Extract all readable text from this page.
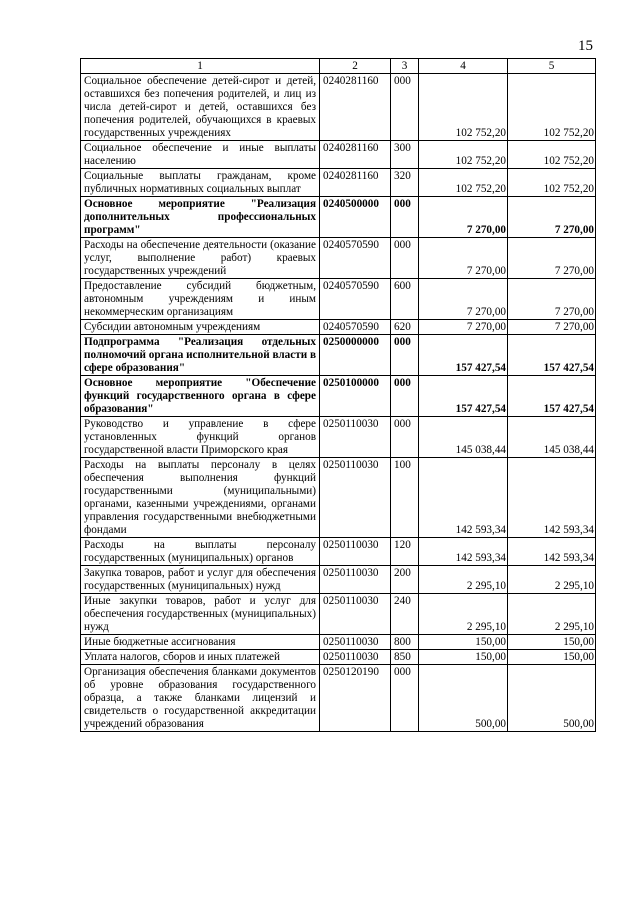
15
1	2	3	4	5
Социальное обеспечение детей-сирот и детей, оставшихся без попечения родителей, и лиц из числа детей-сирот и детей, оставшихся без попечения родителей, обучающихся в краевых государственных учреждениях	0240281160	000	102 752,20	102 752,20
Социальное обеспечение и иные выплаты населению	0240281160	300	102 752,20	102 752,20
Социальные выплаты гражданам, кроме публичных нормативных социальных выплат	0240281160	320	102 752,20	102 752,20
Основное мероприятие "Реализация дополнительных профессиональных программ"	0240500000	000	7 270,00	7 270,00
Расходы на обеспечение деятельности (оказание услуг, выполнение работ) краевых государственных учреждений	0240570590	000	7 270,00	7 270,00
Предоставление субсидий бюджетным, автономным учреждениям и иным некоммерческим организациям	0240570590	600	7 270,00	7 270,00
Субсидии автономным учреждениям	0240570590	620	7 270,00	7 270,00
Подпрограмма "Реализация отдельных полномочий органа исполнительной власти в сфере образования"	0250000000	000	157 427,54	157 427,54
Основное мероприятие "Обеспечение функций государственного органа в сфере образования"	0250100000	000	157 427,54	157 427,54
Руководство и управление в сфере установленных функций органов государственной власти Приморского края	0250110030	000	145 038,44	145 038,44
Расходы на выплаты персоналу в целях обеспечения выполнения функций государственными (муниципальными) органами, казенными учреждениями, органами управления государственными внебюджетными фондами	0250110030	100	142 593,34	142 593,34
Расходы на выплаты персоналу государственных (муниципальных) органов	0250110030	120	142 593,34	142 593,34
Закупка товаров, работ и услуг для обеспечения государственных (муниципальных) нужд	0250110030	200	2 295,10	2 295,10
Иные закупки товаров, работ и услуг для обеспечения государственных (муниципальных) нужд	0250110030	240	2 295,10	2 295,10
Иные бюджетные ассигнования	0250110030	800	150,00	150,00
Уплата налогов, сборов и иных платежей	0250110030	850	150,00	150,00
Организация обеспечения бланками документов об уровне образования государственного образца, а также бланками лицензий и свидетельств о государственной аккредитации учреждений образования	0250120190	000	500,00	500,00
